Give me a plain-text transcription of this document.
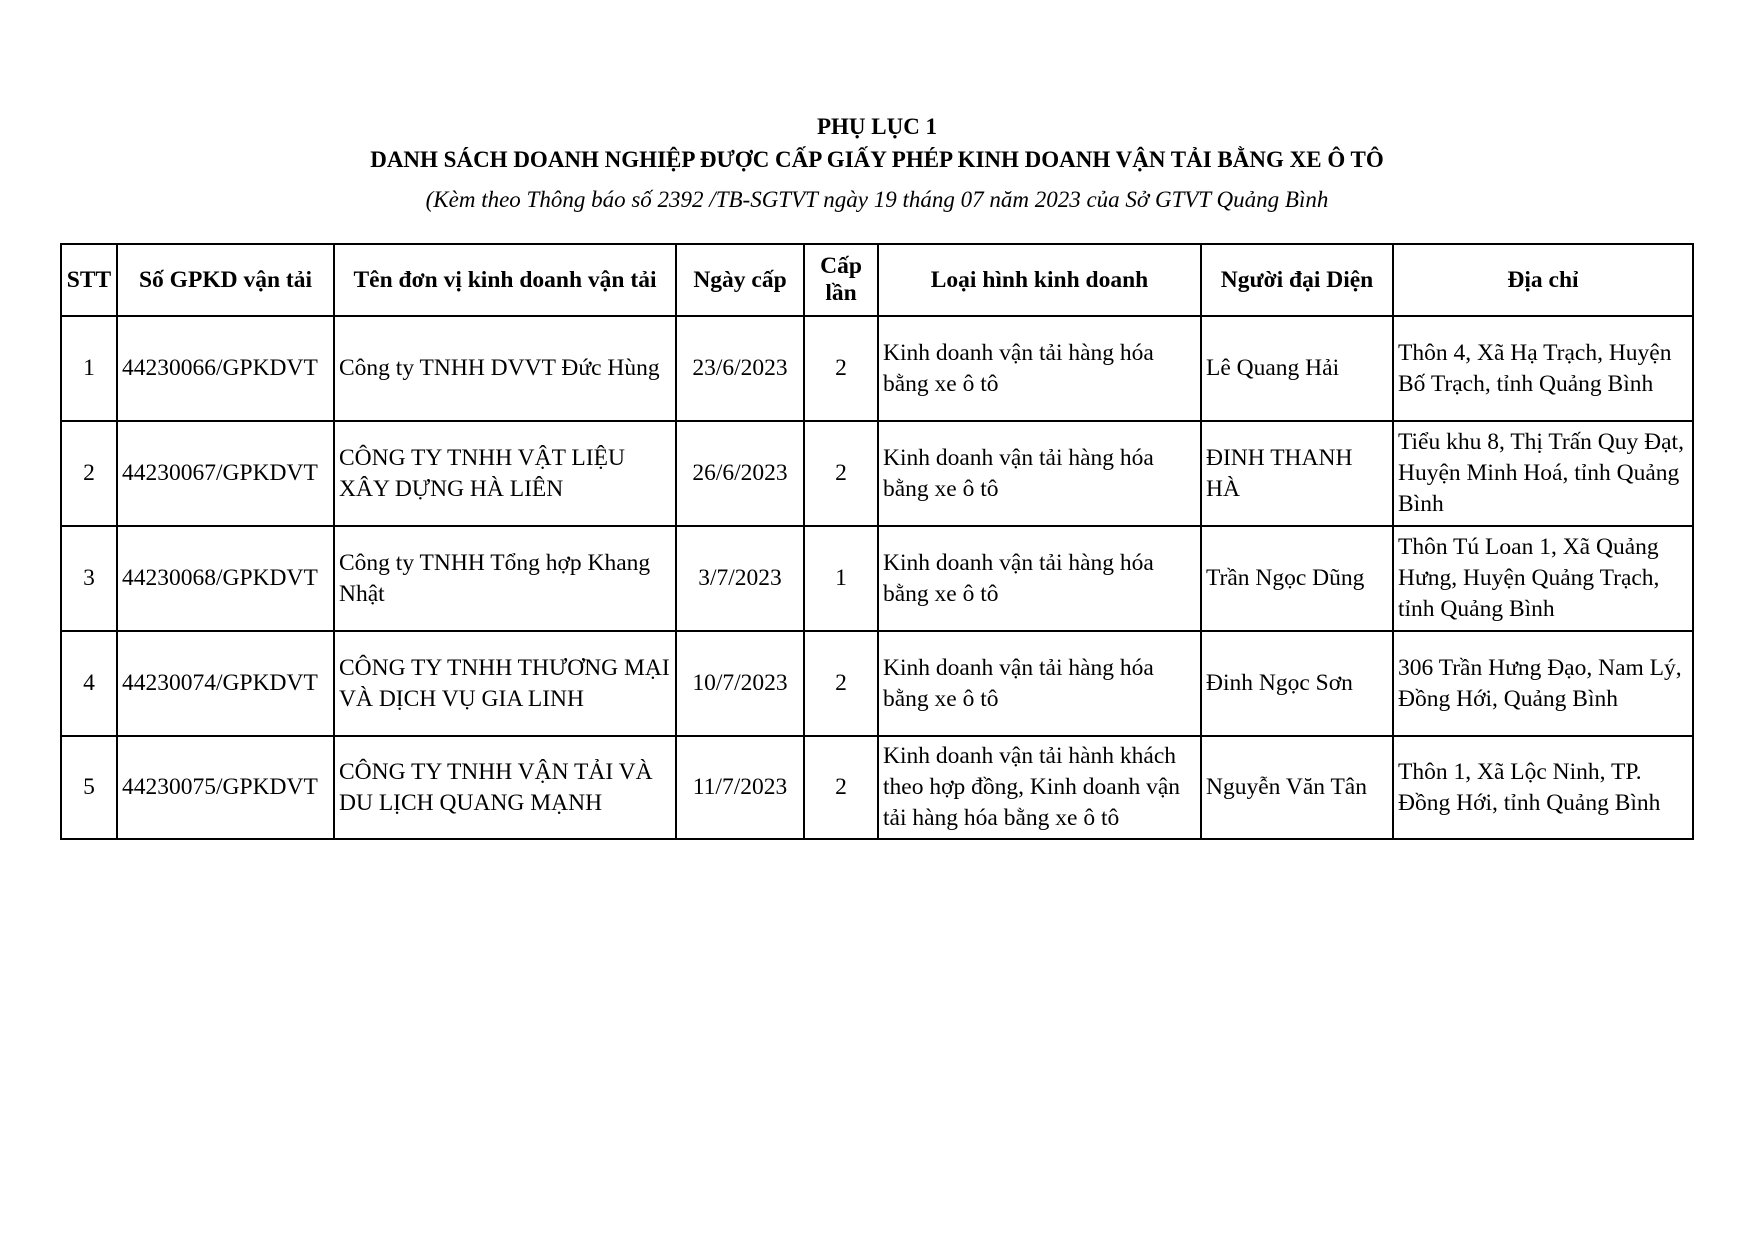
PHỤ LỤC 1
DANH SÁCH DOANH NGHIỆP ĐƯỢC CẤP GIẤY PHÉP KINH DOANH VẬN TẢI BẰNG XE Ô TÔ
(Kèm theo Thông báo số 2392 /TB-SGTVT ngày 19 tháng 07 năm 2023 của Sở GTVT Quảng Bình
STT	Số GPKD vận tải	Tên đơn vị kinh doanh vận tải	Ngày cấp	Cấp lần	Loại hình kinh doanh	Người đại Diện	Địa chỉ
1	44230066/GPKDVT	Công ty TNHH DVVT Đức Hùng	23/6/2023	2	Kinh doanh vận tải hàng hóa bằng xe ô tô	Lê Quang Hải	Thôn 4, Xã Hạ Trạch, Huyện Bố Trạch, tỉnh Quảng Bình
2	44230067/GPKDVT	CÔNG TY TNHH VẬT LIỆU XÂY DỰNG HÀ LIÊN	26/6/2023	2	Kinh doanh vận tải hàng hóa bằng xe ô tô	ĐINH THANH HÀ	Tiểu khu 8, Thị Trấn Quy Đạt, Huyện Minh Hoá, tỉnh Quảng Bình
3	44230068/GPKDVT	Công ty TNHH Tổng hợp Khang Nhật	3/7/2023	1	Kinh doanh vận tải hàng hóa bằng xe ô tô	Trần Ngọc Dũng	Thôn Tú Loan 1, Xã Quảng Hưng, Huyện Quảng Trạch, tỉnh Quảng Bình
4	44230074/GPKDVT	CÔNG TY TNHH THƯƠNG MẠI VÀ DỊCH VỤ GIA LINH	10/7/2023	2	Kinh doanh vận tải hàng hóa bằng xe ô tô	Đinh Ngọc Sơn	306 Trần Hưng Đạo, Nam Lý, Đồng Hới, Quảng Bình
5	44230075/GPKDVT	CÔNG TY TNHH VẬN TẢI VÀ DU LỊCH QUANG MẠNH	11/7/2023	2	Kinh doanh vận tải hành khách theo hợp đồng, Kinh doanh vận tải hàng hóa bằng xe ô tô	Nguyễn Văn Tân	Thôn 1, Xã Lộc Ninh, TP. Đồng Hới, tỉnh Quảng Bình
